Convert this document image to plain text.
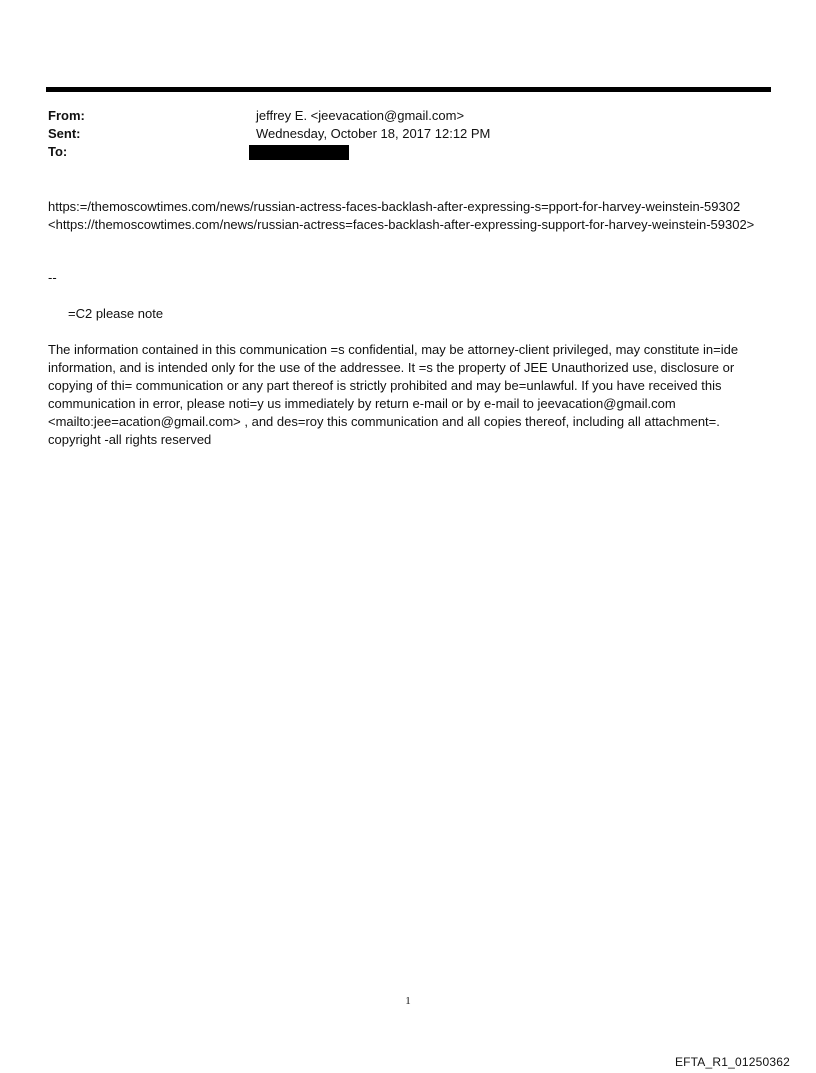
From:	jeffrey E. <jeevacation@gmail.com>
Sent:	Wednesday, October 18, 2017 12:12 PM
To:

https:=/themoscowtimes.com/news/russian-actress-faces-backlash-after-expressing-s=pport-for-harvey-weinstein-59302 <https://themoscowtimes.com/news/russian-actress=faces-backlash-after-expressing-support-for-harvey-weinstein-59302>

--

=C2 please note

The information contained in this communication =s confidential, may be attorney-client privileged, may constitute in=ide information, and is intended only for the use of the addressee. It =s the property of JEE Unauthorized use, disclosure or copying of thi= communication or any part thereof is strictly prohibited and may be=unlawful. If you have received this communication in error, please noti=y us immediately by return e-mail or by e-mail to jeevacation@gmail.com <mailto:jee=acation@gmail.com> , and des=roy this communication and all copies thereof, including all attachment=. copyright -all rights reserved

1
EFTA_R1_01250362
